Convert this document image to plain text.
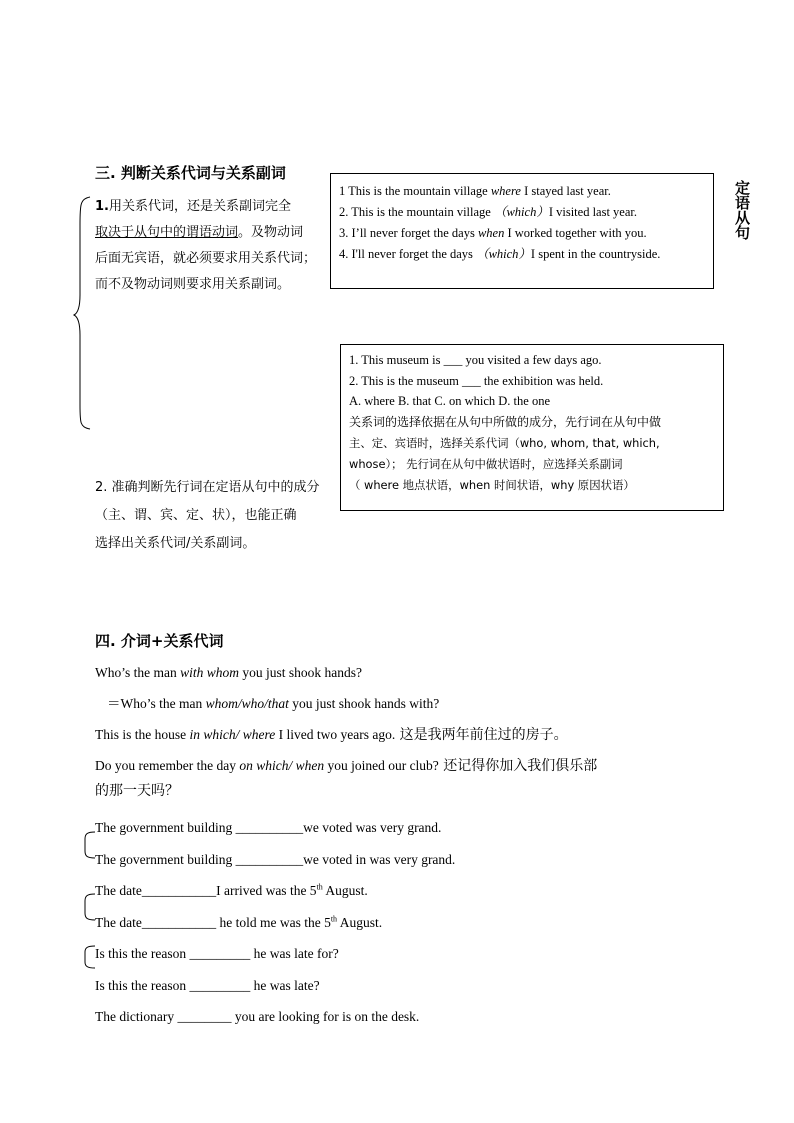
三. 判断关系代词与关系副词
1.用关系代词，还是关系副词完全
取决于从句中的谓语动词。及物动词
后面无宾语，就必须要求用关系代词；
而不及物动词则要求用关系副词。
2. 准确判断先行词在定语从句中的成分
（主、谓、宾、定、状），也能正确
选择出关系代词/关系副词。
1 This is the mountain village where I stayed last year.
2. This is the mountain village （which）I visited last year.
3. I’ll never forget the days when I worked together with you.
4. I'll never forget the days （which）I spent in the countryside.
定语从句
1. This museum is ___ you visited a few days ago.
2. This is the museum ___ the exhibition was held.
A. where B. that C. on which D. the one
关系词的选择依据在从句中所做的成分，先行词在从句中做
主、定、宾语时，选择关系代词（who, whom, that, which,
whose）； 先行词在从句中做状语时，应选择关系副词
（ where 地点状语，when 时间状语，why 原因状语）
四. 介词+关系代词
Who’s the man with whom you just shook hands?
＝Who’s the man whom/who/that you just shook hands with?
This is the house in which/ where I lived two years ago. 这是我两年前住过的房子。
Do you remember the day on which/ when you joined our club? 还记得你加入我们俱乐部
的那一天吗？
The government building __________we voted was very grand.
The government building __________we voted in was very grand.
The date___________I arrived was the 5th August.
The date___________ he told me was the 5th August.
Is this the reason _________ he was late for?
Is this the reason _________ he was late?
The dictionary ________ you are looking for is on the desk.
